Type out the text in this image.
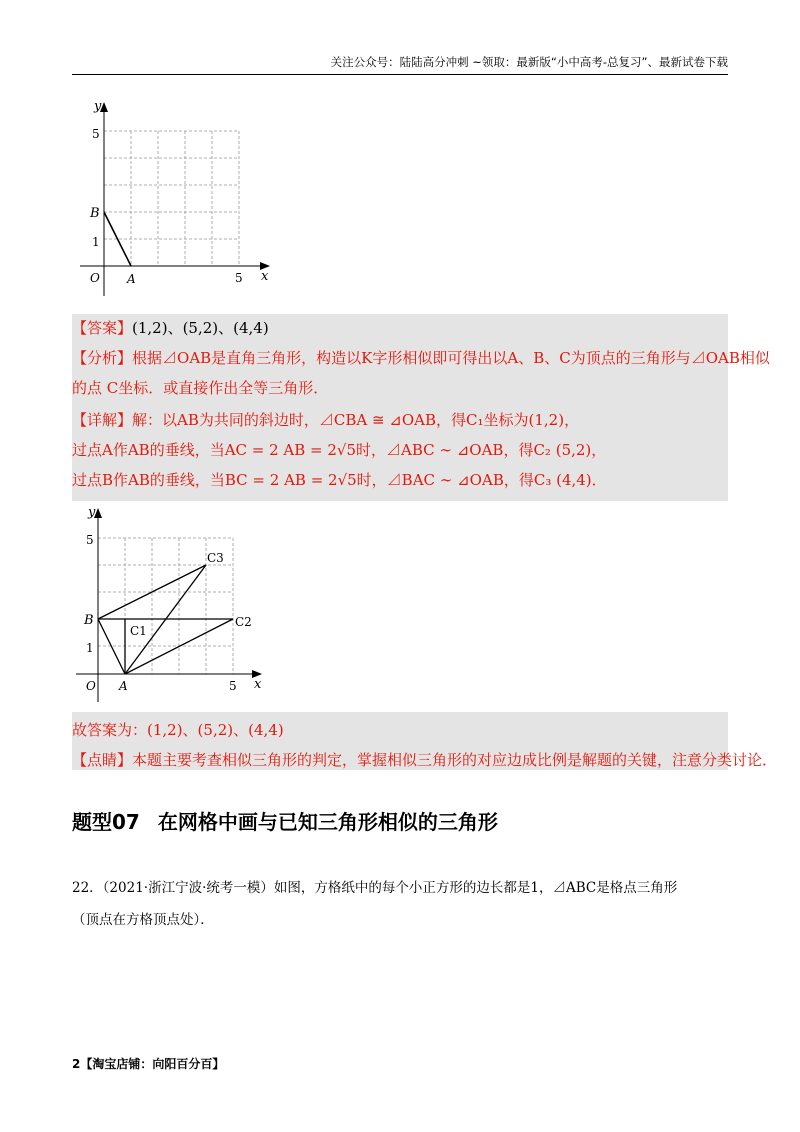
关注公众号：陆陆高分冲刺 ~领取：最新版“小中高考-总复习”、最新试卷下载
y
x
5
1
O	5
A
B
【答案】(1,2)、(5,2)、(4,4)
【分析】根据⊿OAB是直角三角形，构造以K字形相似即可得出以A、B、C为顶点的三角形与⊿OAB相似
的点 C坐标．或直接作出全等三角形．
【详解】解：以AB为共同的斜边时，⊿CBA ≅ ⊿OAB，得C₁坐标为(1,2)，
过点A作AB的垂线，当AC = 2 AB = 2√5时，⊿ABC ∼ ⊿OAB，得C₂ (5,2)，
过点B作AB的垂线，当BC = 2 AB = 2√5时，⊿BAC ∼ ⊿OAB，得C₃ (4,4)．
y
x
5
1
O	5
A
B
C1
C2
C3
故答案为：(1,2)、(5,2)、(4,4)
【点睛】本题主要考查相似三角形的判定，掌握相似三角形的对应边成比例是解题的关键，注意分类讨论．
题型07 在网格中画与已知三角形相似的三角形
22．（2021·浙江宁波·统考一模）如图，方格纸中的每个小正方形的边长都是1，⊿ABC是格点三角形
（顶点在方格顶点处）．
2【淘宝店铺：向阳百分百】
